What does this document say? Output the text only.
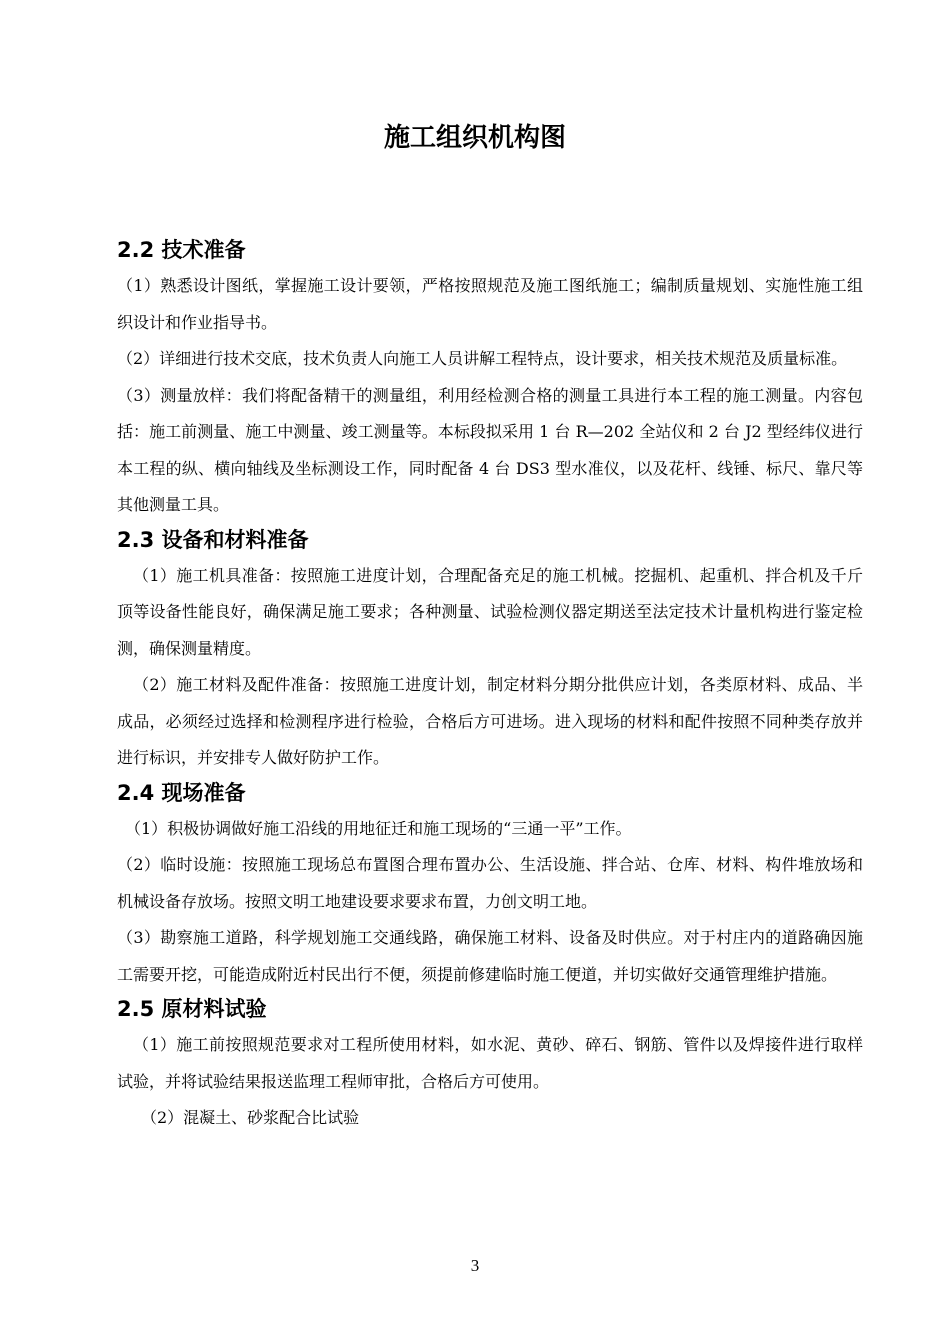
施工组织机构图
2.2 技术准备

（1）熟悉设计图纸，掌握施工设计要领，严格按照规范及施工图纸施工；编制质量规划、实施性施工组织设计和作业指导书。

（2）详细进行技术交底，技术负责人向施工人员讲解工程特点，设计要求，相关技术规范及质量标准。

（3）测量放样：我们将配备精干的测量组，利用经检测合格的测量工具进行本工程的施工测量。内容包括：施工前测量、施工中测量、竣工测量等。本标段拟采用 1 台 R—202 全站仪和 2 台 J2 型经纬仪进行本工程的纵、横向轴线及坐标测设工作，同时配备 4 台 DS3 型水准仪，以及花杆、线锤、标尺、靠尺等其他测量工具。

2.3 设备和材料准备

（1）施工机具准备：按照施工进度计划，合理配备充足的施工机械。挖掘机、起重机、拌合机及千斤顶等设备性能良好，确保满足施工要求；各种测量、试验检测仪器定期送至法定技术计量机构进行鉴定检测，确保测量精度。

（2）施工材料及配件准备：按照施工进度计划，制定材料分期分批供应计划，各类原材料、成品、半成品，必须经过选择和检测程序进行检验，合格后方可进场。进入现场的材料和配件按照不同种类存放并进行标识，并安排专人做好防护工作。

2.4 现场准备

（1）积极协调做好施工沿线的用地征迁和施工现场的“三通一平”工作。

（2）临时设施：按照施工现场总布置图合理布置办公、生活设施、拌合站、仓库、材料、构件堆放场和机械设备存放场。按照文明工地建设要求要求布置，力创文明工地。

（3）勘察施工道路，科学规划施工交通线路，确保施工材料、设备及时供应。对于村庄内的道路确因施工需要开挖，可能造成附近村民出行不便，须提前修建临时施工便道，并切实做好交通管理维护措施。

2.5 原材料试验

（1）施工前按照规范要求对工程所使用材料，如水泥、黄砂、碎石、钢筋、管件以及焊接件进行取样试验，并将试验结果报送监理工程师审批，合格后方可使用。

（2）混凝土、砂浆配合比试验

3
